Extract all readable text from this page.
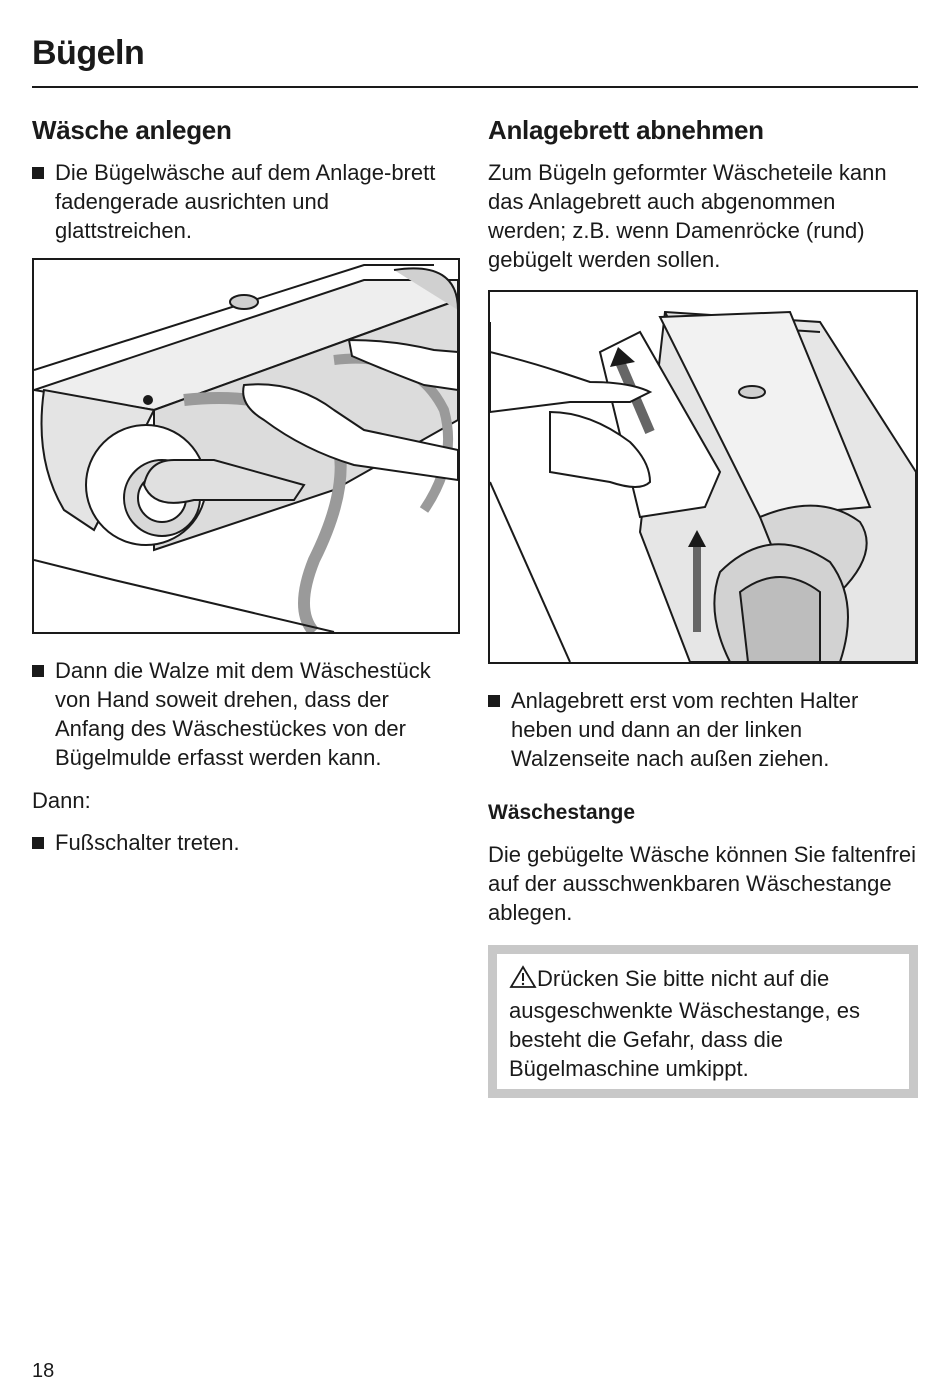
Bügeln
Wäsche anlegen
Die Bügelwäsche auf dem Anlage-brett fadengerade ausrichten und glattstreichen.
Dann die Walze mit dem Wäschestück von Hand soweit drehen, dass der Anfang des Wäschestückes von der Bügelmulde erfasst werden kann.
Dann:
Fußschalter treten.
Anlagebrett abnehmen
Zum Bügeln geformter Wäscheteile kann das Anlagebrett auch abgenommen werden; z.B. wenn Damenröcke (rund) gebügelt werden sollen.
Anlagebrett erst vom rechten Halter heben und dann an der linken Walzenseite nach außen ziehen.
Wäschestange
Die gebügelte Wäsche können Sie faltenfrei auf der ausschwenkbaren Wäschestange ablegen.
Drücken Sie bitte nicht auf die ausgeschwenkte Wäschestange, es besteht die Gefahr, dass die Bügelmaschine umkippt.
18
